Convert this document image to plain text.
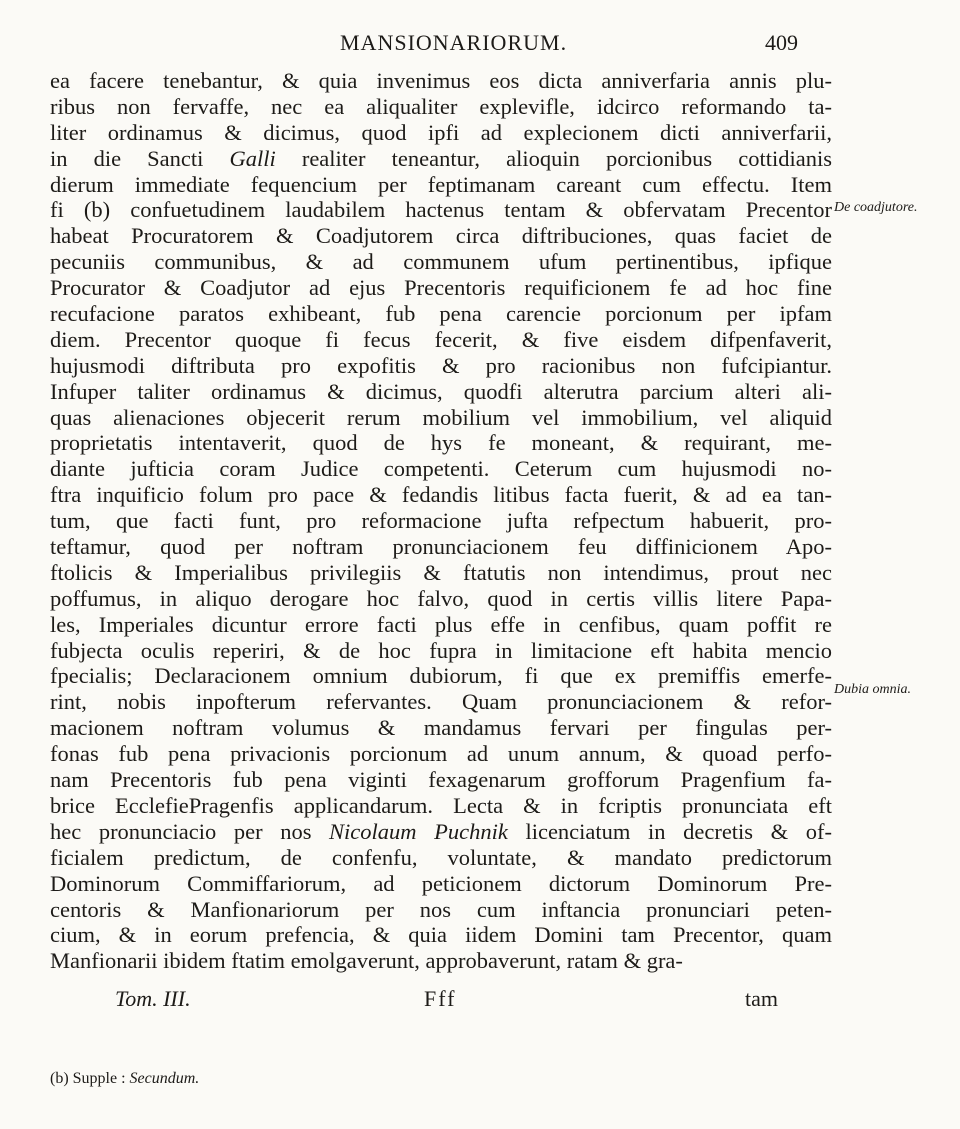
MANSIONARIORUM.	409
ea facere tenebantur, & quia invenimus eos dicta anniverfaria annis plu-
ribus non fervaffe, nec ea aliqualiter explevifle, idcirco reformando ta-
liter ordinamus & dicimus, quod ipfi ad explecionem dicti anniverfarii,
in die Sancti Galli realiter teneantur, alioquin porcionibus cottidianis
dierum immediate fequencium per feptimanam careant cum effectu. Item
fi (b) confuetudinem laudabilem hactenus tentam & obfervatam Precentor
habeat Procuratorem & Coadjutorem circa diftribuciones, quas faciet de
pecuniis communibus, & ad communem ufum pertinentibus, ipfique
Procurator & Coadjutor ad ejus Precentoris requificionem fe ad hoc fine
recufacione paratos exhibeant, fub pena carencie porcionum per ipfam
diem. Precentor quoque fi fecus fecerit, & five eisdem difpenfaverit,
hujusmodi diftributa pro expofitis & pro racionibus non fufcipiantur.
Infuper taliter ordinamus & dicimus, quodfi alterutra parcium alteri ali-
quas alienaciones objecerit rerum mobilium vel immobilium, vel aliquid
proprietatis intentaverit, quod de hys fe moneant, & requirant, me-
diante jufticia coram Judice competenti. Ceterum cum hujusmodi no-
ftra inquificio folum pro pace & fedandis litibus facta fuerit, & ad ea tan-
tum, que facti funt, pro reformacione jufta refpectum habuerit, pro-
teftamur, quod per noftram pronunciacionem feu diffinicionem Apo-
ftolicis & Imperialibus privilegiis & ftatutis non intendimus, prout nec
poffumus, in aliquo derogare hoc falvo, quod in certis villis litere Papa-
les, Imperiales dicuntur errore facti plus effe in cenfibus, quam poffit re
fubjecta oculis reperiri, & de hoc fupra in limitacione eft habita mencio
fpecialis; Declaracionem omnium dubiorum, fi que ex premiffis emerfe-
rint, nobis inpofterum refervantes. Quam pronunciacionem & refor-
macionem noftram volumus & mandamus fervari per fingulas per-
fonas fub pena privacionis porcionum ad unum annum, & quoad perfo-
nam Precentoris fub pena viginti fexagenarum grofforum Pragenfium fa-
brice EcclefiePragenfis applicandarum. Lecta & in fcriptis pronunciata eft
hec pronunciacio per nos Nicolaum Puchnik licenciatum in decretis & of-
ficialem predictum, de confenfu, voluntate, & mandato predictorum
Dominorum Commiffariorum, ad peticionem dictorum Dominorum Pre-
centoris & Manfionariorum per nos cum inftancia pronunciari peten-
cium, & in eorum prefencia, & quia iidem Domini tam Precentor, quam
Manfionarii ibidem ftatim emolgaverunt, approbaverunt, ratam & gra-
De coadjutore.
Dubia omnia.
Tom. III.	Fff	tam
(b) Supple : Secundum.
